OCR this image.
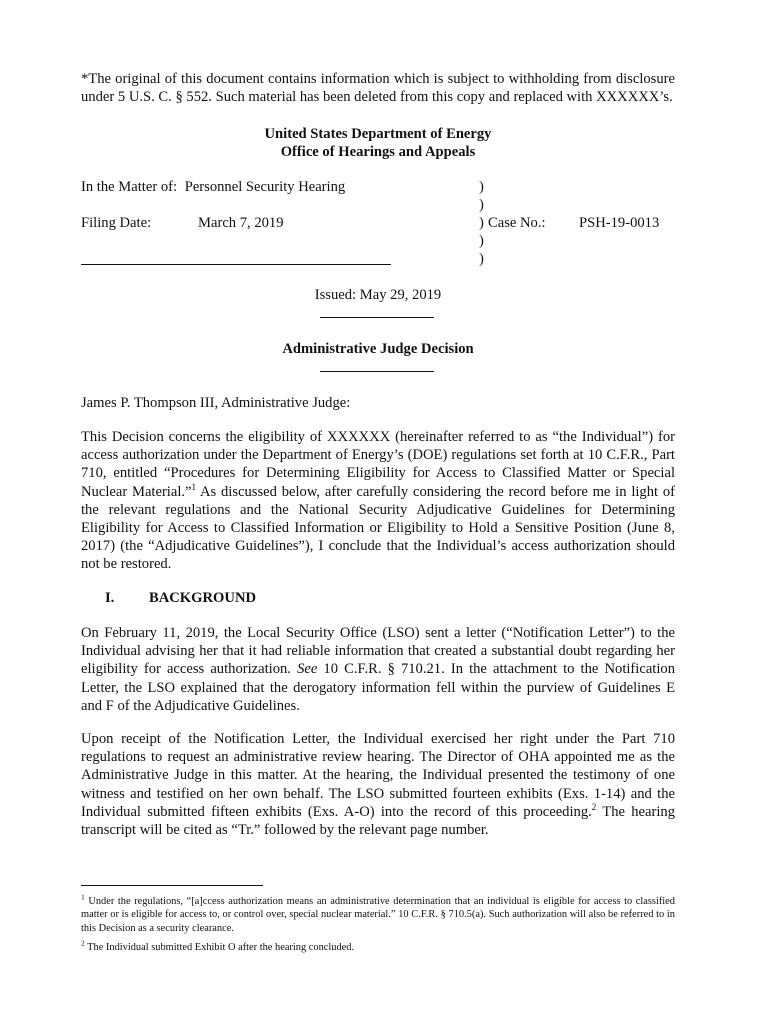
*The original of this document contains information which is subject to withholding from disclosure under 5 U.S. C. § 552. Such material has been deleted from this copy and replaced with XXXXXX’s.
United States Department of Energy
Office of Hearings and Appeals
In the Matter of: Personnel Security Hearing	)
)
Filing Date:	March 7, 2019	) Case No.: PSH-19-0013
)
)
Issued: May 29, 2019
Administrative Judge Decision
James P. Thompson III, Administrative Judge:
This Decision concerns the eligibility of XXXXXX (hereinafter referred to as “the Individual”) for access authorization under the Department of Energy’s (DOE) regulations set forth at 10 C.F.R., Part 710, entitled “Procedures for Determining Eligibility for Access to Classified Matter or Special Nuclear Material.”$^1$ As discussed below, after carefully considering the record before me in light of the relevant regulations and the National Security Adjudicative Guidelines for Determining Eligibility for Access to Classified Information or Eligibility to Hold a Sensitive Position (June 8, 2017) (the “Adjudicative Guidelines”), I conclude that the Individual’s access authorization should not be restored.
I. BACKGROUND
On February 11, 2019, the Local Security Office (LSO) sent a letter (“Notification Letter”) to the Individual advising her that it had reliable information that created a substantial doubt regarding her eligibility for access authorization. See 10 C.F.R. § 710.21. In the attachment to the Notification Letter, the LSO explained that the derogatory information fell within the purview of Guidelines E and F of the Adjudicative Guidelines.
Upon receipt of the Notification Letter, the Individual exercised her right under the Part 710 regulations to request an administrative review hearing. The Director of OHA appointed me as the Administrative Judge in this matter. At the hearing, the Individual presented the testimony of one witness and testified on her own behalf. The LSO submitted fourteen exhibits (Exs. 1-14) and the Individual submitted fifteen exhibits (Exs. A-O) into the record of this proceeding.$^2$ The hearing transcript will be cited as “Tr.” followed by the relevant page number.
$^1$ Under the regulations, “[a]ccess authorization means an administrative determination that an individual is eligible for access to classified matter or is eligible for access to, or control over, special nuclear material.” 10 C.F.R. § 710.5(a). Such authorization will also be referred to in this Decision as a security clearance.
$^2$ The Individual submitted Exhibit O after the hearing concluded.
